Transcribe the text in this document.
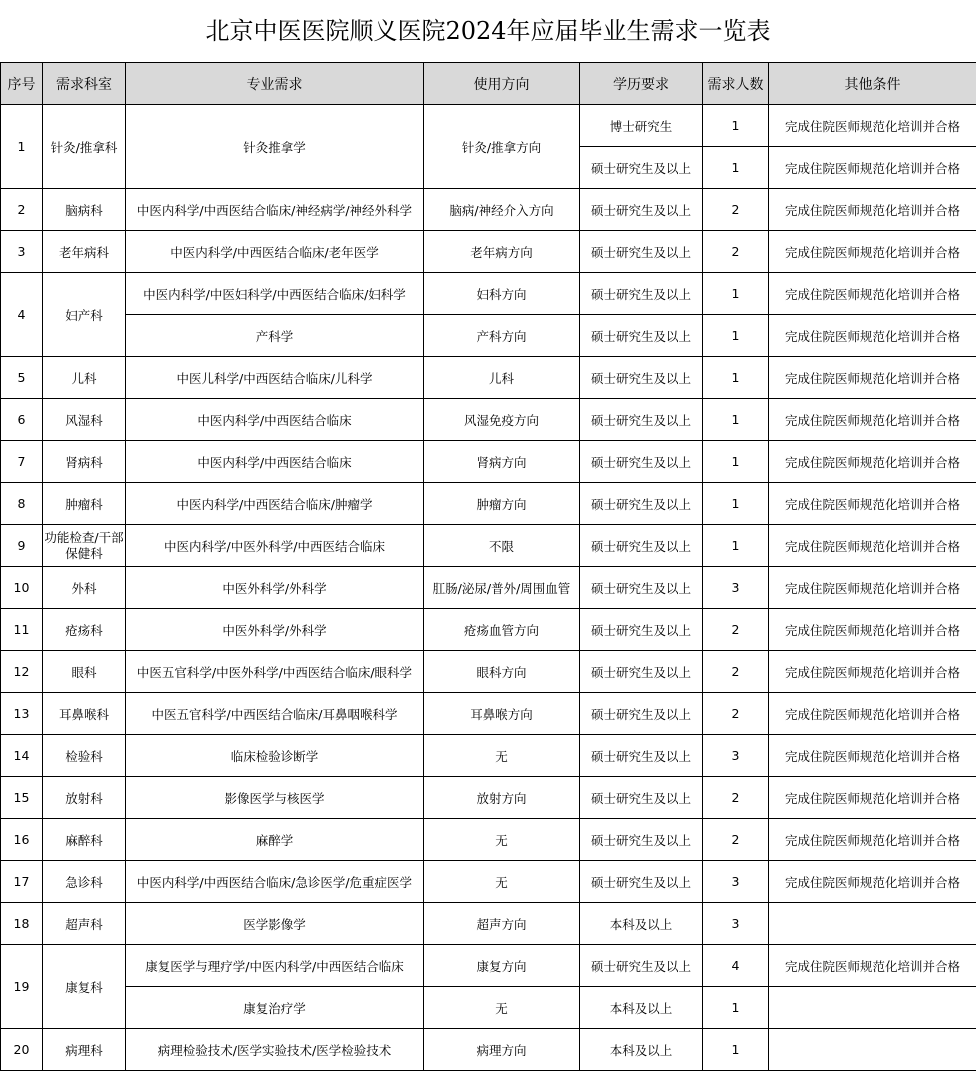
北京中医医院顺义医院2024年应届毕业生需求一览表
序号	需求科室	专业需求	使用方向	学历要求	需求人数	其他条件
1	针灸/推拿科	针灸推拿学	针灸/推拿方向	博士研究生	1	完成住院医师规范化培训并合格
				硕士研究生及以上	1	完成住院医师规范化培训并合格
2	脑病科	中医内科学/中西医结合临床/神经病学/神经外科学	脑病/神经介入方向	硕士研究生及以上	2	完成住院医师规范化培训并合格
3	老年病科	中医内科学/中西医结合临床/老年医学	老年病方向	硕士研究生及以上	2	完成住院医师规范化培训并合格
4	妇产科	中医内科学/中医妇科学/中西医结合临床/妇科学	妇科方向	硕士研究生及以上	1	完成住院医师规范化培训并合格
		产科学	产科方向	硕士研究生及以上	1	完成住院医师规范化培训并合格
5	儿科	中医儿科学/中西医结合临床/儿科学	儿科	硕士研究生及以上	1	完成住院医师规范化培训并合格
6	风湿科	中医内科学/中西医结合临床	风湿免疫方向	硕士研究生及以上	1	完成住院医师规范化培训并合格
7	肾病科	中医内科学/中西医结合临床	肾病方向	硕士研究生及以上	1	完成住院医师规范化培训并合格
8	肿瘤科	中医内科学/中西医结合临床/肿瘤学	肿瘤方向	硕士研究生及以上	1	完成住院医师规范化培训并合格
9	功能检查/干部保健科	中医内科学/中医外科学/中西医结合临床	不限	硕士研究生及以上	1	完成住院医师规范化培训并合格
10	外科	中医外科学/外科学	肛肠/泌尿/普外/周围血管	硕士研究生及以上	3	完成住院医师规范化培训并合格
11	疮疡科	中医外科学/外科学	疮疡血管方向	硕士研究生及以上	2	完成住院医师规范化培训并合格
12	眼科	中医五官科学/中医外科学/中西医结合临床/眼科学	眼科方向	硕士研究生及以上	2	完成住院医师规范化培训并合格
13	耳鼻喉科	中医五官科学/中西医结合临床/耳鼻咽喉科学	耳鼻喉方向	硕士研究生及以上	2	完成住院医师规范化培训并合格
14	检验科	临床检验诊断学	无	硕士研究生及以上	3	完成住院医师规范化培训并合格
15	放射科	影像医学与核医学	放射方向	硕士研究生及以上	2	完成住院医师规范化培训并合格
16	麻醉科	麻醉学	无	硕士研究生及以上	2	完成住院医师规范化培训并合格
17	急诊科	中医内科学/中西医结合临床/急诊医学/危重症医学	无	硕士研究生及以上	3	完成住院医师规范化培训并合格
18	超声科	医学影像学	超声方向	本科及以上	3	
19	康复科	康复医学与理疗学/中医内科学/中西医结合临床	康复方向	硕士研究生及以上	4	完成住院医师规范化培训并合格
		康复治疗学	无	本科及以上	1	
20	病理科	病理检验技术/医学实验技术/医学检验技术	病理方向	本科及以上	1	
